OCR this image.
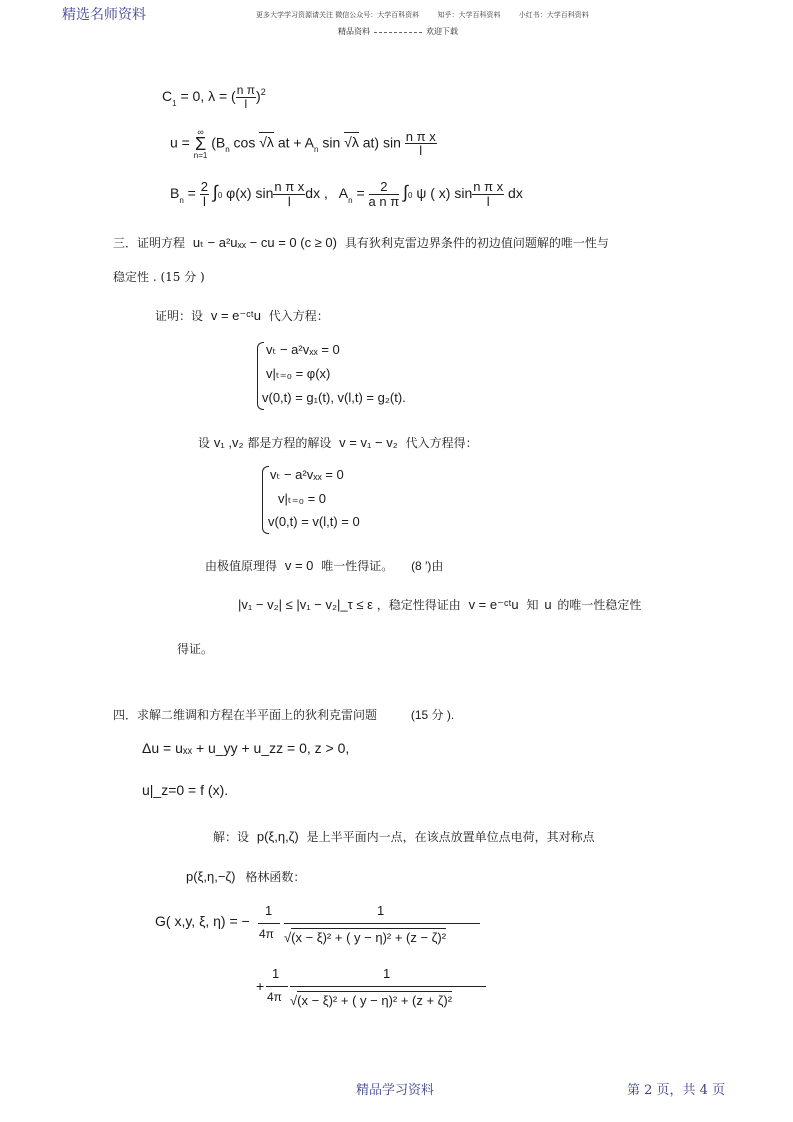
精选名师资料	更多大学学习资源请关注 微信公众号：大学百科资料	知乎：大学百科资料	小红书：大学百科资料
精品资料	欢迎下载
$C_1 = 0$, λ = ( $\frac{\text{n π}}{l} )^2$
u =
∞
Σ
n=1
($B_n$ cos √λ at + $A_n$ sin √λ at) $\sin \frac{\text{n π x}}{l}$
$B_n = \frac{2}{l} \int 0$ φ(x) $\sin \frac{\text{n π x}}{l}$ dx ,   $A_n = \frac{2}{\text{a n π}} \int 0$ ψ ( x) $\sin \frac{\text{n π x}}{l}$ dx
三．证明方程 uₜ − a²uₓₓ − cu = 0 (c ≥ 0) 具有狄利克雷边界条件的初边值问题解的唯一性与
稳定性 . (15 分 )
证明：设 v = e⁻ᶜᵗu 代入方程：
vₜ − a²vₓₓ = 0
v|ₜ₌₀ = φ(x)
v(0,t) = g₁(t), v(l,t) = g₂(t).
设 v₁ ,v₂ 都是方程的解设 v = v₁ − v₂ 代入方程得：
vₜ − a²vₓₓ = 0
v|ₜ₌₀ = 0
v(0,t) = v(l,t) = 0
由极值原理得 v = 0 唯一性得证。 (8 ′)由
|v₁ − v₂| ≤ |v₁ − v₂|_τ ≤ ε ，稳定性得证由 v = e⁻ᶜᵗu 知 u 的唯一性稳定性
得证。
四．求解二维调和方程在半平面上的狄利克雷问题	(15 分 ).
Δu = uₓₓ + u_yy + u_zz = 0, z > 0,
u|_z=0 = f (x).
解：设 p(ξ,η,ζ) 是上半平面内一点，在该点放置单位点电荷，其对称点
p(ξ,η,−ζ) 格林函数：
G( x,y, ξ, η) = −
1
4π
1
√(x − ξ)² + ( y − η)² + (z − ζ)²
+
1
4π
1
√(x − ξ)² + ( y − η)² + (z + ζ)²
精品学习资料	第 2 页，共 4 页
